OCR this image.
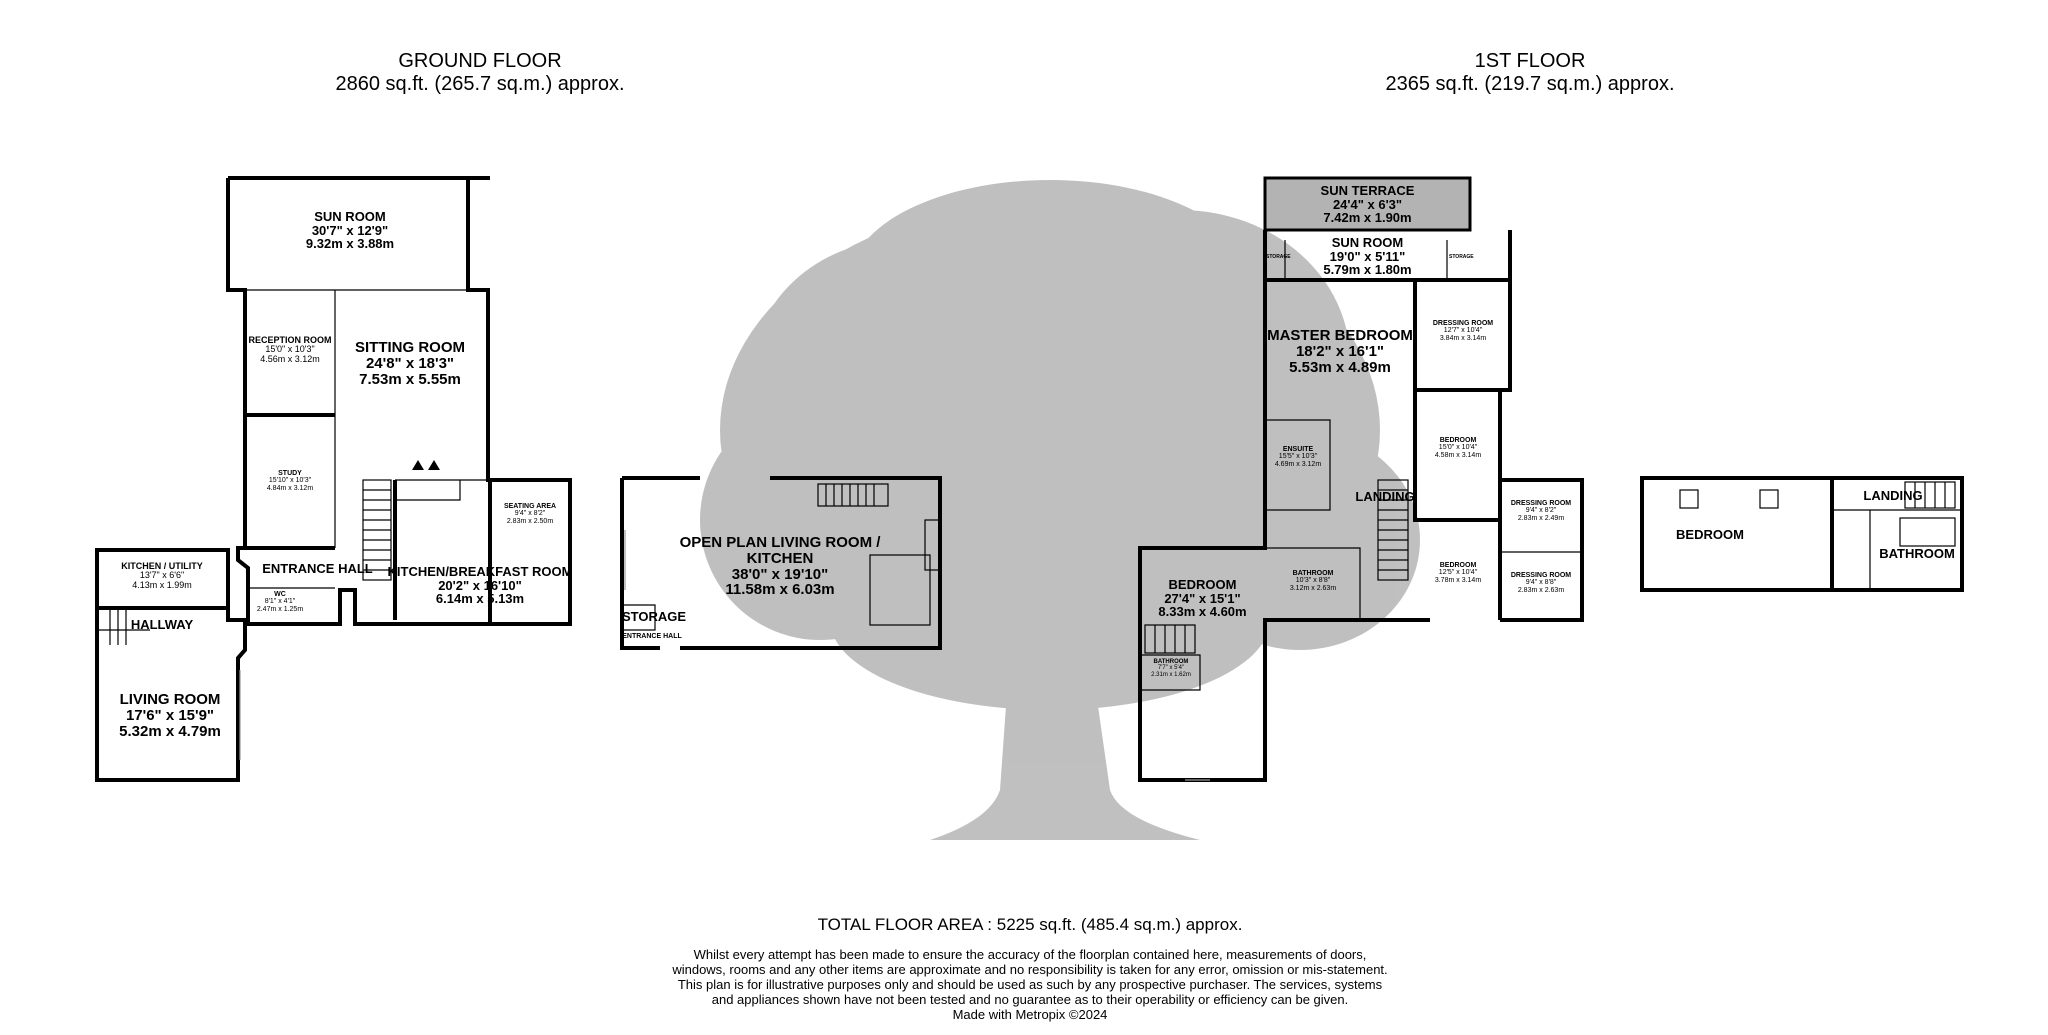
GROUND FLOOR
2860 sq.ft. (265.7 sq.m.) approx.
1ST FLOOR
2365 sq.ft. (219.7 sq.m.) approx.
SUN ROOM
30'7" x 12'9"
9.32m x 3.88m
RECEPTION ROOM
15'0" x 10'3"
4.56m x 3.12m
SITTING ROOM
24'8" x 18'3"
7.53m x 5.55m
STUDY
15'10" x 10'3"
4.84m x 3.12m
SEATING AREA
9'4" x 8'2"
2.83m x 2.50m
KITCHEN / UTILITY
13'7" x 6'6"
4.13m x 1.99m
ENTRANCE HALL	KITCHEN/BREAKFAST ROOM
20'2" x 16'10"
6.14m x 5.13m
WC
8'1" x 4'1"
2.47m x 1.25m
HALLWAY
LIVING ROOM
17'6" x 15'9"
5.32m x 4.79m
OPEN PLAN LIVING ROOM / KITCHEN
38'0" x 19'10"
11.58m x 6.03m
STORAGE
ENTRANCE HALL
SUN TERRACE
24'4" x 6'3"
7.42m x 1.90m
SUN ROOM
19'0" x 5'11"
5.79m x 1.80m
STORAGE	STORAGE
MASTER BEDROOM
18'2" x 16'1"
5.53m x 4.89m
DRESSING ROOM
12'7" x 10'4"
3.84m x 3.14m
ENSUITE
15'5" x 10'3"
4.69m x 3.12m
BEDROOM
15'0" x 10'4"
4.58m x 3.14m
LANDING	DRESSING ROOM
9'4" x 8'2"
2.83m x 2.49m
BATHROOM
10'3" x 8'8"
3.12m x 2.63m
BEDROOM
12'5" x 10'4"
3.78m x 3.14m
DRESSING ROOM
9'4" x 8'8"
2.83m x 2.63m
BEDROOM
27'4" x 15'1"
8.33m x 4.60m
BATHROOM
7'7" x 5'4"
2.31m x 1.62m
BEDROOM
LANDING
BATHROOM
TOTAL FLOOR AREA : 5225 sq.ft. (485.4 sq.m.) approx.
Whilst every attempt has been made to ensure the accuracy of the floorplan contained here, measurements of doors, windows, rooms and any other items are approximate and no responsibility is taken for any error, omission or mis-statement. This plan is for illustrative purposes only and should be used as such by any prospective purchaser. The services, systems and appliances shown have not been tested and no guarantee as to their operability or efficiency can be given.
Made with Metropix ©2024
